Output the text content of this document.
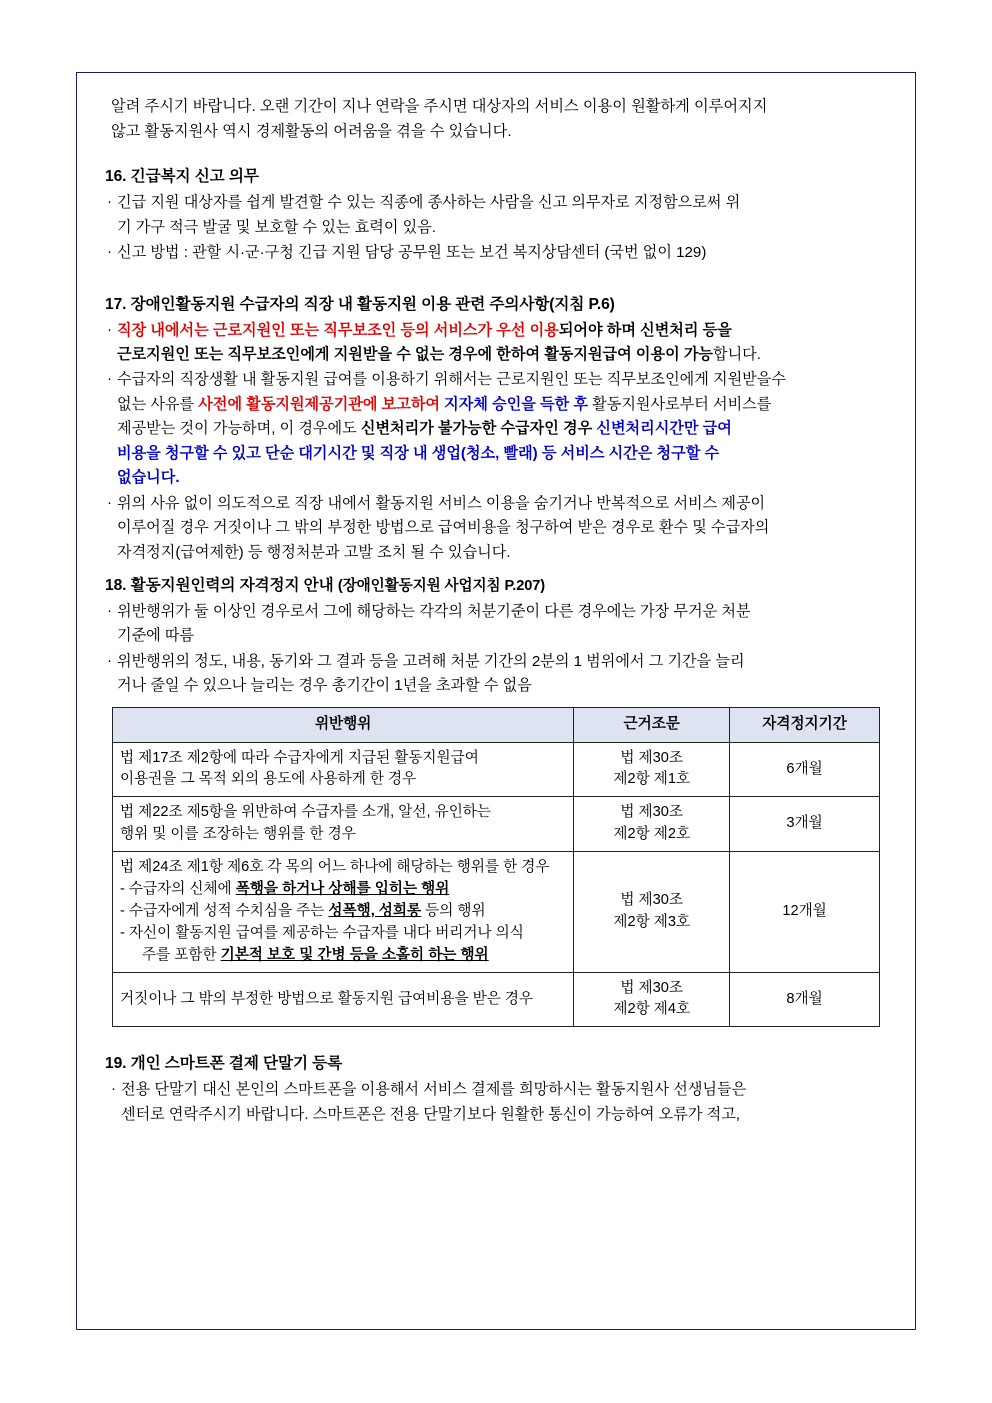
알려 주시기 바랍니다. 오랜 기간이 지나 연락을 주시면 대상자의 서비스 이용이 원활하게 이루어지지
않고 활동지원사 역시 경제활동의 어려움을 겪을 수 있습니다.
16. 긴급복지 신고 의무
· 긴급 지원 대상자를 쉽게 발견할 수 있는 직종에 종사하는 사람을 신고 의무자로 지정함으로써 위
기 가구 적극 발굴 및 보호할 수 있는 효력이 있음.
· 신고 방법 : 관할 시·군·구청 긴급 지원 담당 공무원 또는 보건 복지상담센터 (국번 없이 129)
17. 장애인활동지원 수급자의 직장 내 활동지원 이용 관련 주의사항(지침 P.6)
· 직장 내에서는 근로지원인 또는 직무보조인 등의 서비스가 우선 이용되어야 하며 신변처리 등을
근로지원인 또는 직무보조인에게 지원받을 수 없는 경우에 한하여 활동지원급여 이용이 가능합니다.
· 수급자의 직장생활 내 활동지원 급여를 이용하기 위해서는 근로지원인 또는 직무보조인에게 지원받을수
없는 사유를 사전에 활동지원제공기관에 보고하여 지자체 승인을 득한 후 활동지원사로부터 서비스를
제공받는 것이 가능하며, 이 경우에도 신변처리가 불가능한 수급자인 경우 신변처리시간만 급여
비용을 청구할 수 있고 단순 대기시간 및 직장 내 생업(청소, 빨래) 등 서비스 시간은 청구할 수
없습니다.
· 위의 사유 없이 의도적으로 직장 내에서 활동지원 서비스 이용을 숨기거나 반복적으로 서비스 제공이
이루어질 경우 거짓이나 그 밖의 부정한 방법으로 급여비용을 청구하여 받은 경우로 환수 및 수급자의
자격정지(급여제한) 등 행정처분과 고발 조치 될 수 있습니다.
18. 활동지원인력의 자격정지 안내 (장애인활동지원 사업지침 P.207)
· 위반행위가 둘 이상인 경우로서 그에 해당하는 각각의 처분기준이 다른 경우에는 가장 무거운 처분
기준에 따름
· 위반행위의 정도, 내용, 동기와 그 결과 등을 고려해 처분 기간의 2분의 1 범위에서 그 기간을 늘리
거나 줄일 수 있으나 늘리는 경우 총기간이 1년을 초과할 수 없음
위반행위	근거조문	자격정지기간

법 제17조 제2항에 따라 수급자에게 지급된 활동지원급여
이용권을 그 목적 외의 용도에 사용하게 한 경우	법 제30조
제2항 제1호	6개월

법 제22조 제5항을 위반하여 수급자를 소개, 알선, 유인하는
행위 및 이를 조장하는 행위를 한 경우	법 제30조
제2항 제2호	3개월

법 제24조 제1항 제6호 각 목의 어느 하나에 해당하는 행위를 한 경우
- 수급자의 신체에 폭행을 하거나 상해를 입히는 행위
- 수급자에게 성적 수치심을 주는 성폭행, 성희롱 등의 행위
- 자신이 활동지원 급여를 제공하는 수급자를 내다 버리거나 의식
주를 포함한 기본적 보호 및 간병 등을 소홀히 하는 행위	법 제30조
제2항 제3호	12개월

거짓이나 그 밖의 부정한 방법으로 활동지원 급여비용을 받은 경우	법 제30조
제2항 제4호	8개월
19. 개인 스마트폰 결제 단말기 등록
· 전용 단말기 대신 본인의 스마트폰을 이용해서 서비스 결제를 희망하시는 활동지원사 선생님들은
센터로 연락주시기 바랍니다. 스마트폰은 전용 단말기보다 원활한 통신이 가능하여 오류가 적고,
